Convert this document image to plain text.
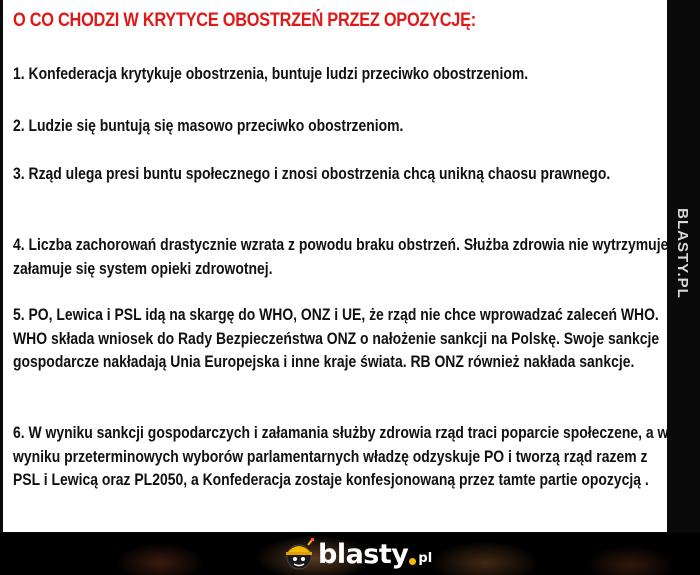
O CO CHODZI W KRYTYCE OBOSTRZEŃ PRZEZ OPOZYCJĘ:

1. Konfederacja krytykuje obostrzenia, buntuje ludzi przeciwko obostrzeniom.

2. Ludzie się buntują się masowo przeciwko obostrzeniom.

3. Rząd ulega presi buntu społecznego i znosi obostrzenia chcą unikną chaosu prawnego.

4. Liczba zachorowań drastycznie wzrata z powodu braku obstrzeń. Służba zdrowia nie wytrzymuje i załamuje się system opieki zdrowotnej.

5. PO, Lewica i PSL idą na skargę do WHO, ONZ i UE, że rząd nie chce wprowadzać zaleceń WHO. WHO składa wniosek do Rady Bezpieczeństwa ONZ o nałożenie sankcji na Polskę. Swoje sankcje gospodarcze nakładają Unia Europejska i inne kraje świata. RB ONZ również nakłada sankcje.

6. W wyniku sankcji gospodarczych i załamania służby zdrowia rząd traci poparcie społeczene, a w wyniku przeterminowych wyborów parlamentarnych władzę odzyskuje PO i tworzą rząd razem z PSL i Lewicą oraz PL2050, a Konfederacja zostaje konfesjonowaną przez tamte partie opozycją .

BLASTY.PL
blasty pl
